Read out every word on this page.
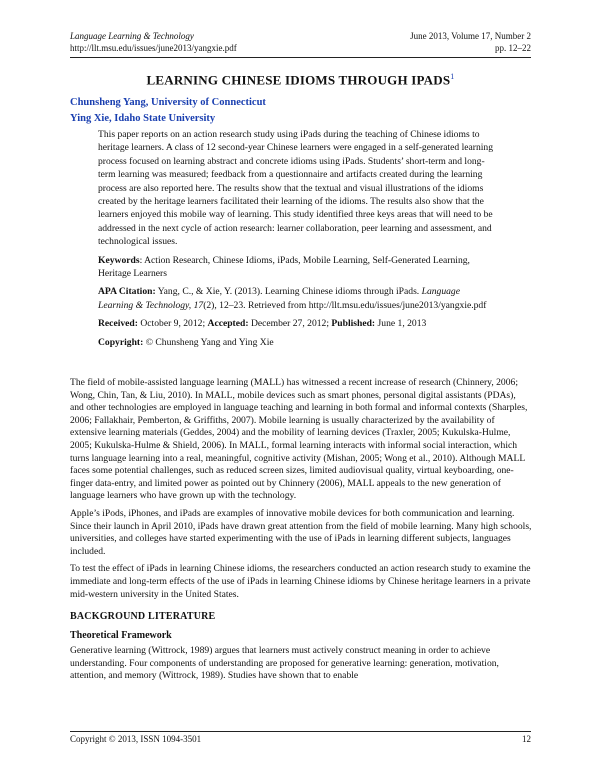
Language Learning & Technology
http://llt.msu.edu/issues/june2013/yangxie.pdf
June 2013, Volume 17, Number 2
pp. 12–22
LEARNING CHINESE IDIOMS THROUGH IPADS$^1$
Chunsheng Yang, University of Connecticut
Ying Xie, Idaho State University

This paper reports on an action research study using iPads during the teaching of Chinese idioms to heritage learners. A class of 12 second-year Chinese learners were engaged in a self-generated learning process focused on learning abstract and concrete idioms using iPads. Students’ short-term and long-term learning was measured; feedback from a questionnaire and artifacts created during the learning process are also reported here. The results show that the textual and visual illustrations of the idioms created by the heritage learners facilitated their learning of the idioms. The results also show that the learners enjoyed this mobile way of learning. This study identified three keys areas that will need to be addressed in the next cycle of action research: learner collaboration, peer learning and assessment, and technological issues.

Keywords: Action Research, Chinese Idioms, iPads, Mobile Learning, Self-Generated Learning, Heritage Learners

APA Citation: Yang, C., & Xie, Y. (2013). Learning Chinese idioms through iPads. Language Learning & Technology, 17(2), 12–23. Retrieved from http://llt.msu.edu/issues/june2013/yangxie.pdf

Received: October 9, 2012; Accepted: December 27, 2012; Published: June 1, 2013

Copyright: © Chunsheng Yang and Ying Xie

The field of mobile-assisted language learning (MALL) has witnessed a recent increase of research (Chinnery, 2006; Wong, Chin, Tan, & Liu, 2010). In MALL, mobile devices such as smart phones, personal digital assistants (PDAs), and other technologies are employed in language teaching and learning in both formal and informal contexts (Sharples, 2006; Fallakhair, Pemberton, & Griffiths, 2007). Mobile learning is usually characterized by the availability of extensive learning materials (Geddes, 2004) and the mobility of learning devices (Traxler, 2005; Kukulska-Hulme, 2005; Kukulska-Hulme & Shield, 2006). In MALL, formal learning interacts with informal social interaction, which turns language learning into a real, meaningful, cognitive activity (Mishan, 2005; Wong et al., 2010). Although MALL faces some potential challenges, such as reduced screen sizes, limited audiovisual quality, virtual keyboarding, one-finger data-entry, and limited power as pointed out by Chinnery (2006), MALL appeals to the new generation of language learners who have grown up with the technology.

Apple’s iPods, iPhones, and iPads are examples of innovative mobile devices for both communication and learning. Since their launch in April 2010, iPads have drawn great attention from the field of mobile learning. Many high schools, universities, and colleges have started experimenting with the use of iPads in learning different subjects, languages included.

To test the effect of iPads in learning Chinese idioms, the researchers conducted an action research study to examine the immediate and long-term effects of the use of iPads in learning Chinese idioms by Chinese heritage learners in a private mid-western university in the United States.

BACKGROUND LITERATURE
Theoretical Framework

Generative learning (Wittrock, 1989) argues that learners must actively construct meaning in order to achieve understanding. Four components of understanding are proposed for generative learning: generation, motivation, attention, and memory (Wittrock, 1989). Studies have shown that to enable

Copyright © 2013, ISSN 1094-3501	12
